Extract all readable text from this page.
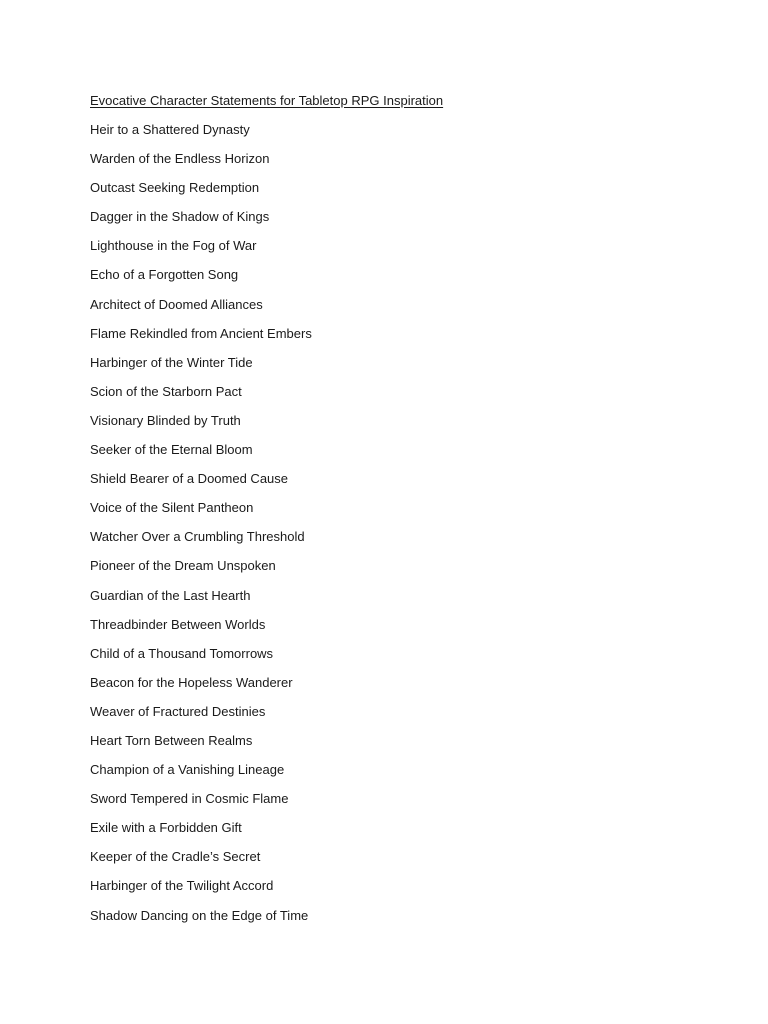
Evocative Character Statements for Tabletop RPG Inspiration
Heir to a Shattered Dynasty
Warden of the Endless Horizon
Outcast Seeking Redemption
Dagger in the Shadow of Kings
Lighthouse in the Fog of War
Echo of a Forgotten Song
Architect of Doomed Alliances
Flame Rekindled from Ancient Embers
Harbinger of the Winter Tide
Scion of the Starborn Pact
Visionary Blinded by Truth
Seeker of the Eternal Bloom
Shield Bearer of a Doomed Cause
Voice of the Silent Pantheon
Watcher Over a Crumbling Threshold
Pioneer of the Dream Unspoken
Guardian of the Last Hearth
Threadbinder Between Worlds
Child of a Thousand Tomorrows
Beacon for the Hopeless Wanderer
Weaver of Fractured Destinies
Heart Torn Between Realms
Champion of a Vanishing Lineage
Sword Tempered in Cosmic Flame
Exile with a Forbidden Gift
Keeper of the Cradle’s Secret
Harbinger of the Twilight Accord
Shadow Dancing on the Edge of Time
